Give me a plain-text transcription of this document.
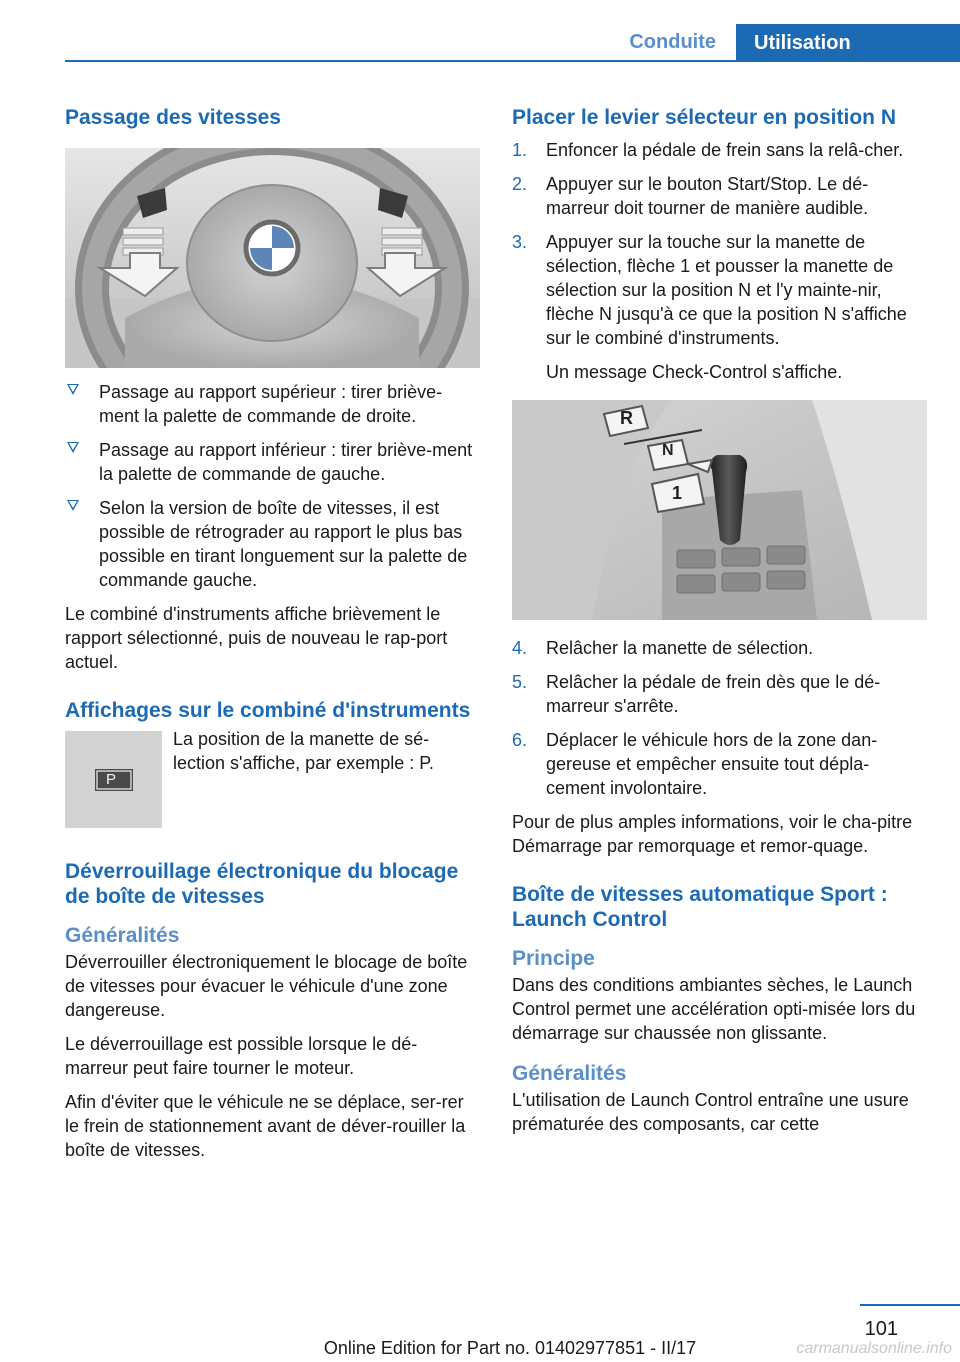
Conduite	Utilisation
Passage des vitesses
Passage au rapport supérieur : tirer briève‐ment la palette de commande de droite.
Passage au rapport inférieur : tirer briève‐ment la palette de commande de gauche.
Selon la version de boîte de vitesses, il est possible de rétrograder au rapport le plus bas possible en tirant longuement sur la palette de commande gauche.

Le combiné d'instruments affiche brièvement le rapport sélectionné, puis de nouveau le rap‐port actuel.

Affichages sur le combiné d'instruments
P

La position de la manette de sé‐lection s'affiche, par exemple : P.

Déverrouillage électronique du blocage de boîte de vitesses
Généralités

Déverrouiller électroniquement le blocage de boîte de vitesses pour évacuer le véhicule d'une zone dangereuse.

Le déverrouillage est possible lorsque le dé‐marreur peut faire tourner le moteur.

Afin d'éviter que le véhicule ne se déplace, ser‐rer le frein de stationnement avant de déver‐rouiller la boîte de vitesses.

Placer le levier sélecteur en position N
1. Enfoncer la pédale de frein sans la relâ‐cher.
2. Appuyer sur le bouton Start/Stop. Le dé‐marreur doit tourner de manière audible.
3. Appuyer sur la touche sur la manette de sélection, flèche 1 et pousser la manette de sélection sur la position N et l'y mainte‐nir, flèche N jusqu'à ce que la position N s'affiche sur le combiné d'instruments.
Un message Check-Control s'affiche.
R
N
1
4. Relâcher la manette de sélection.
5. Relâcher la pédale de frein dès que le dé‐marreur s'arrête.
6. Déplacer le véhicule hors de la zone dan‐gereuse et empêcher ensuite tout dépla‐cement involontaire.

Pour de plus amples informations, voir le cha‐pitre Démarrage par remorquage et remor‐quage.

Boîte de vitesses automatique Sport : Launch Control
Principe

Dans des conditions ambiantes sèches, le Launch Control permet une accélération opti‐misée lors du démarrage sur chaussée non glissante.

Généralités

L'utilisation de Launch Control entraîne une usure prématurée des composants, car cette

101
Online Edition for Part no. 01402977851 - II/17	carmanualsonline.info
